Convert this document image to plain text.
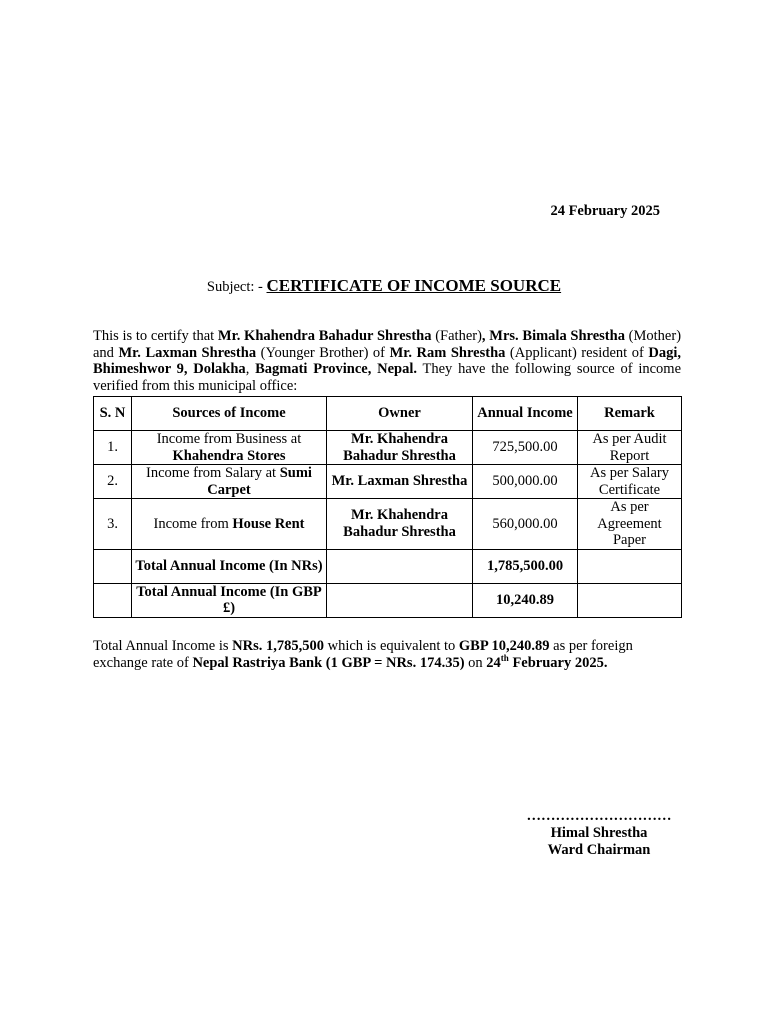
24 February 2025
Subject: - CERTIFICATE OF INCOME SOURCE
This is to certify that Mr. Khahendra Bahadur Shrestha (Father), Mrs. Bimala Shrestha (Mother) and Mr. Laxman Shrestha (Younger Brother) of Mr. Ram Shrestha (Applicant) resident of Dagi, Bhimeshwor 9, Dolakha, Bagmati Province, Nepal. They have the following source of income verified from this municipal office:
S. N	Sources of Income	Owner	Annual Income	Remark
1.	Income from Business at Khahendra Stores	Mr. Khahendra Bahadur Shrestha	725,500.00	As per Audit Report
2.	Income from Salary at Sumi Carpet	Mr. Laxman Shrestha	500,000.00	As per Salary Certificate
3.	Income from House Rent	Mr. Khahendra Bahadur Shrestha	560,000.00	As per Agreement Paper
	Total Annual Income (In NRs)		1,785,500.00	
	Total Annual Income (In GBP £)		10,240.89	
Total Annual Income is NRs. 1,785,500 which is equivalent to GBP 10,240.89 as per foreign exchange rate of Nepal Rastriya Bank (1 GBP = NRs. 174.35) on 24th February 2025.
…………………………
Himal Shrestha
Ward Chairman
